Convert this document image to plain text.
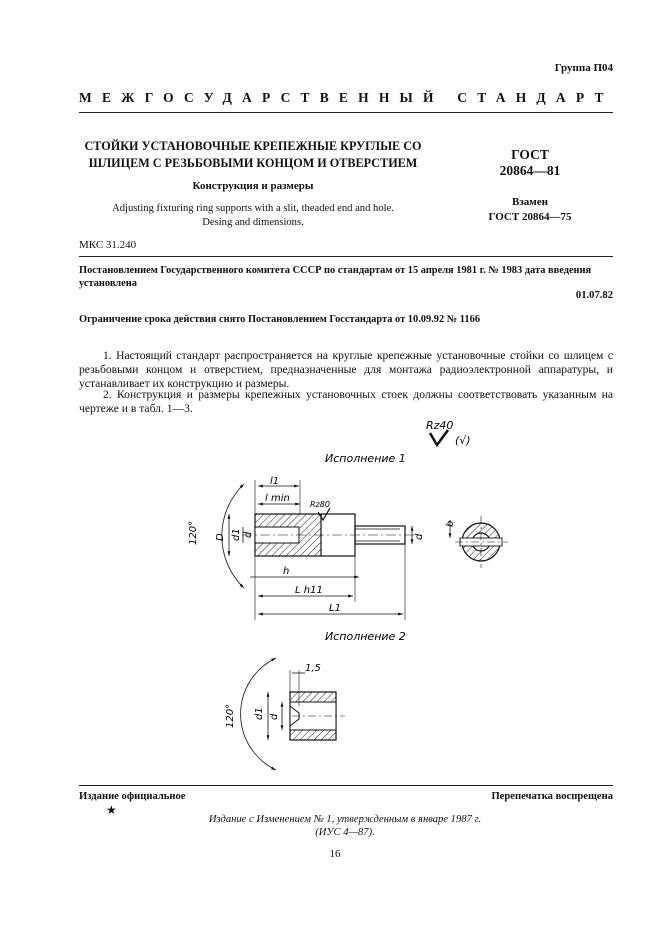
Группа П04
МЕЖГОСУДАРСТВЕННЫЙ СТАНДАРТ
СТОЙКИ УСТАНОВОЧНЫЕ КРЕПЕЖНЫЕ КРУГЛЫЕ СО
ШЛИЦЕМ С РЕЗЬБОВЫМИ КОНЦОМ И ОТВЕРСТИЕМ
Конструкция и размеры
Adjusting fixturing ring supports with a slit, theaded end and hole.
Desing and dimensions.
ГОСТ
20864—81
Взамен
ГОСТ 20864—75
МКС 31.240
Постановлением Государственного комитета СССР по стандартам от 15 апреля 1981 г. № 1983 дата введения установлена
01.07.82
Ограничение срока действия снято Постановлением Госстандарта от 10.09.92 № 1166
1. Настоящий стандарт распространяется на круглые крепежные установочные стойки со шлицем с резьбовыми концом и отверстием, предназначенные для монтажа радиоэлектронной аппаратуры, и устанавливает их конструкцию и размеры.
2. Конструкция и размеры крепежных установочных стоек должны соответствовать указанным на чертеже и в табл. 1—3.
Rz40
(√)
Исполнение 1
l1
l min
Rz80
120° D d1 d
h
L h11
L1
d
b
Исполнение 2
1,5
120° d1 d
Издание официальное
★
Перепечатка воспрещена
Издание с Изменением № 1, утвержденным в январе 1987 г.
(ИУС 4—87).
16
